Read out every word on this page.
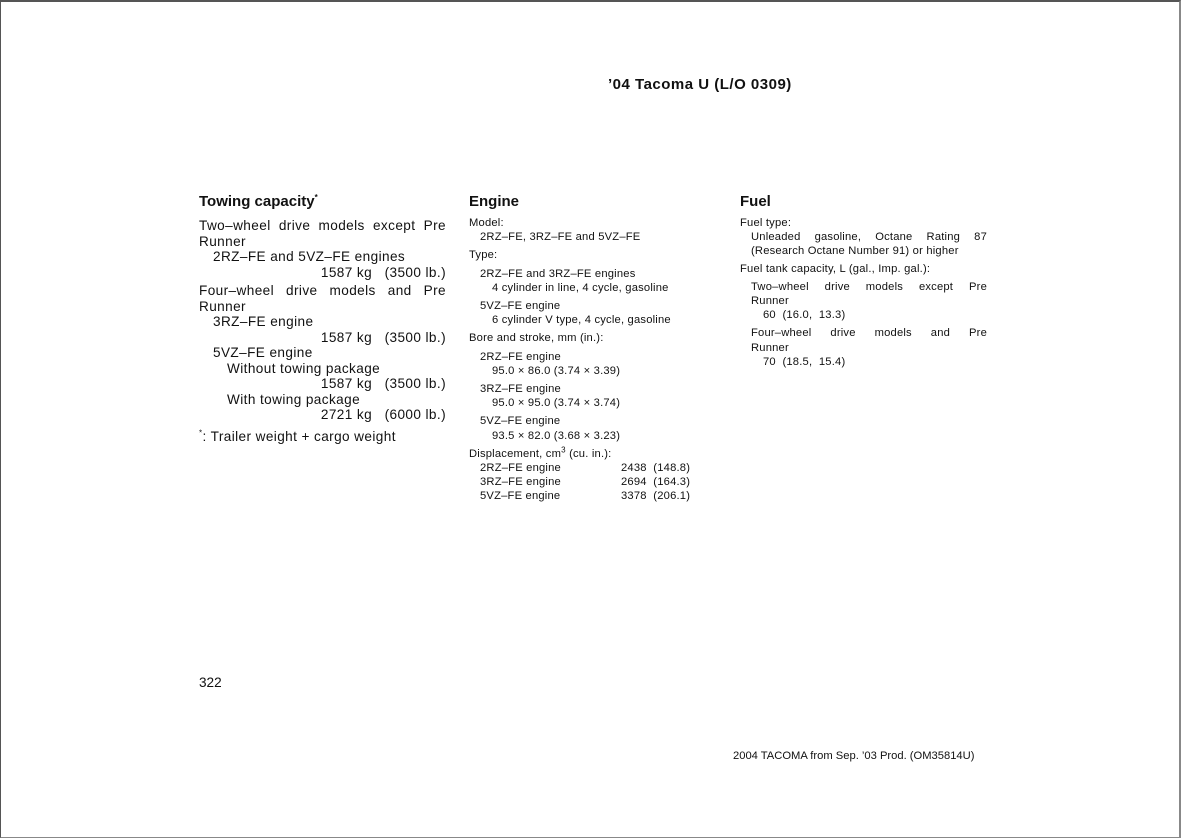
’04 Tacoma U (L/O 0309)
Towing capacity*
Two–wheel drive models except Pre
Runner
2RZ–FE and 5VZ–FE engines
1587 kg   (3500 lb.)
Four–wheel drive models and Pre
Runner
3RZ–FE engine
1587 kg   (3500 lb.)
5VZ–FE engine
Without towing package
1587 kg   (3500 lb.)
With towing package
2721 kg   (6000 lb.)
*: Trailer weight + cargo weight
Engine
Model:
2RZ–FE, 3RZ–FE and 5VZ–FE
Type:
2RZ–FE and 3RZ–FE engines
4 cylinder in line, 4 cycle, gasoline
5VZ–FE engine
6 cylinder V type, 4 cycle, gasoline
Bore and stroke, mm (in.):
2RZ–FE engine
95.0 × 86.0 (3.74 × 3.39)
3RZ–FE engine
95.0 × 95.0 (3.74 × 3.74)
5VZ–FE engine
93.5 × 82.0 (3.68 × 3.23)
Displacement, $cm^3$ (cu. in.):
2RZ–FE engine	2438  (148.8)
3RZ–FE engine	2694  (164.3)
5VZ–FE engine	3378  (206.1)
Fuel
Fuel type:
Unleaded gasoline, Octane Rating 87
(Research Octane Number 91) or higher
Fuel tank capacity, L (gal., Imp. gal.):
Two–wheel drive models except Pre
Runner
60  (16.0,  13.3)
Four–wheel drive models and Pre
Runner
70  (18.5,  15.4)
322
2004 TACOMA from Sep. ’03 Prod. (OM35814U)
